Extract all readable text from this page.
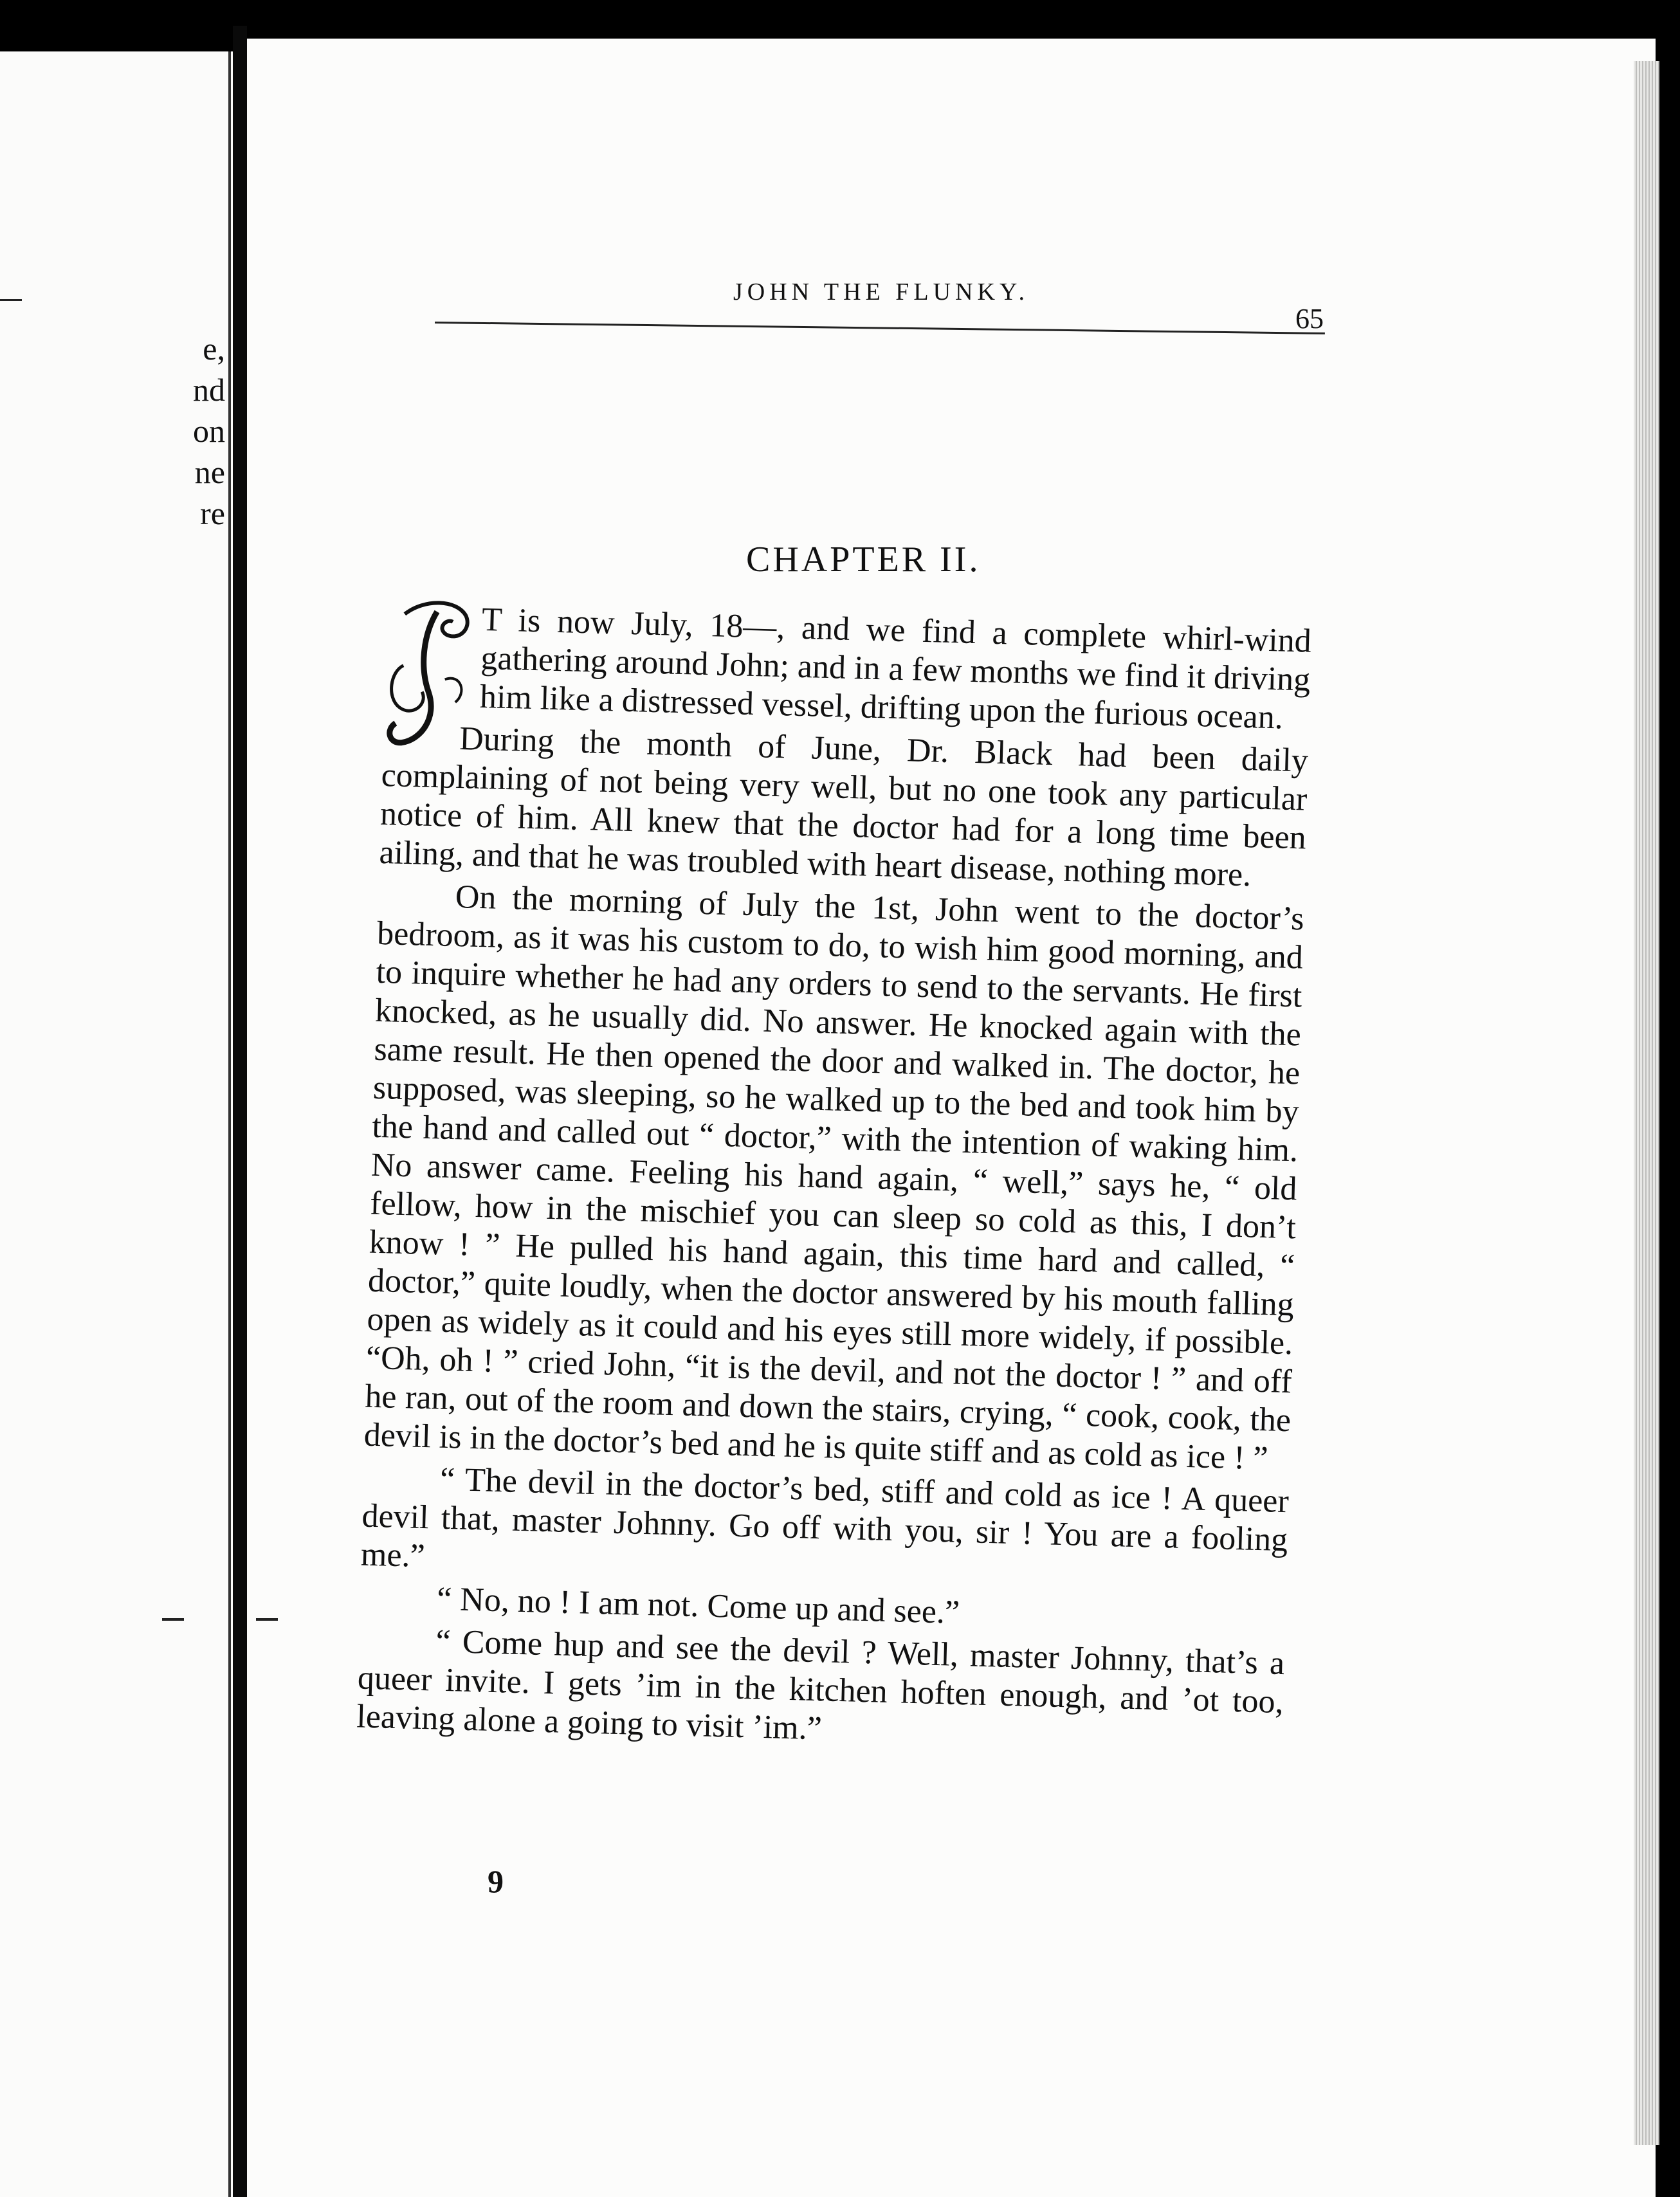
e,
nd
on
ne
re
JOHN THE FLUNKY.
65
CHAPTER II.

I T is now July, 18—, and we find a complete whirl-wind gathering around John; and in a few months we find it driving him like a distressed vessel, drifting upon the furious ocean.

During the month of June, Dr. Black had been daily complaining of not being very well, but no one took any particular notice of him. All knew that the doctor had for a long time been ailing, and that he was troubled with heart disease, nothing more.

On the morning of July the 1st, John went to the doctor’s bedroom, as it was his custom to do, to wish him good morning, and to inquire whether he had any orders to send to the servants. He first knocked, as he usually did. No answer. He knocked again with the same result. He then opened the door and walked in. The doctor, he supposed, was sleeping, so he walked up to the bed and took him by the hand and called out “ doctor,” with the intention of waking him. No answer came. Feeling his hand again, “ well,” says he, “ old fellow, how in the mischief you can sleep so cold as this, I don’t know ! ” He pulled his hand again, this time hard and called, “ doctor,” quite loudly, when the doctor answered by his mouth falling open as widely as it could and his eyes still more widely, if possible. “Oh, oh ! ” cried John, “it is the devil, and not the doctor ! ” and off he ran, out of the room and down the stairs, crying, “ cook, cook, the devil is in the doctor’s bed and he is quite stiff and as cold as ice ! ”

“ The devil in the doctor’s bed, stiff and cold as ice ! A queer devil that, master Johnny. Go off with you, sir ! You are a fooling me.”

“ No, no ! I am not. Come up and see.”

“ Come hup and see the devil ? Well, master Johnny, that’s a queer invite. I gets ’im in the kitchen hoften enough, and ’ot too, leaving alone a going to visit ’im.”

9
